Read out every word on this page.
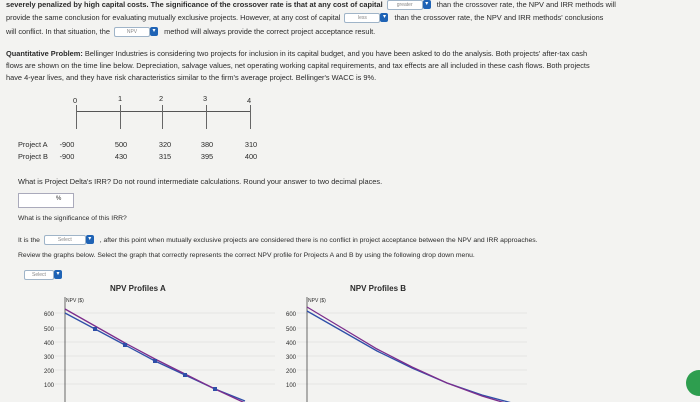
severely penalized by high capital costs. The significance of the crossover rate is that at any cost of capital	greater	▾	than the crossover rate, the NPV and IRR methods will
provide the same conclusion for evaluating mutually exclusive projects. However, at any cost of capital	less	▾	than the crossover rate, the NPV and IRR methods' conclusions
will conflict. In that situation, the	NPV	▾	method will always provide the correct project acceptance result.
Quantitative Problem: Bellinger Industries is considering two projects for inclusion in its capital budget, and you have been asked to do the analysis. Both projects' after-tax cash
flows are shown on the time line below. Depreciation, salvage values, net operating working capital requirements, and tax effects are all included in these cash flows. Both projects
have 4-year lives, and they have risk characteristics similar to the firm's average project. Bellinger's WACC is 9%.
0	1	2	3	4
Project A	-900	500	320	380	310
Project B	-900	430	315	395	400
What is Project Delta's IRR? Do not round intermediate calculations. Round your answer to two decimal places.
%
What is the significance of this IRR?
It is the	Select	▾	, after this point when mutually exclusive projects are considered there is no conflict in project acceptance between the NPV and IRR approaches.
Review the graphs below. Select the graph that correctly represents the correct NPV profile for Projects A and B by using the following drop down menu.
Select	▾
NPV Profiles A
NPV ($)
600
500
400
300
200
100
NPV Profiles B
NPV ($)
600
500
400
300
200
100
